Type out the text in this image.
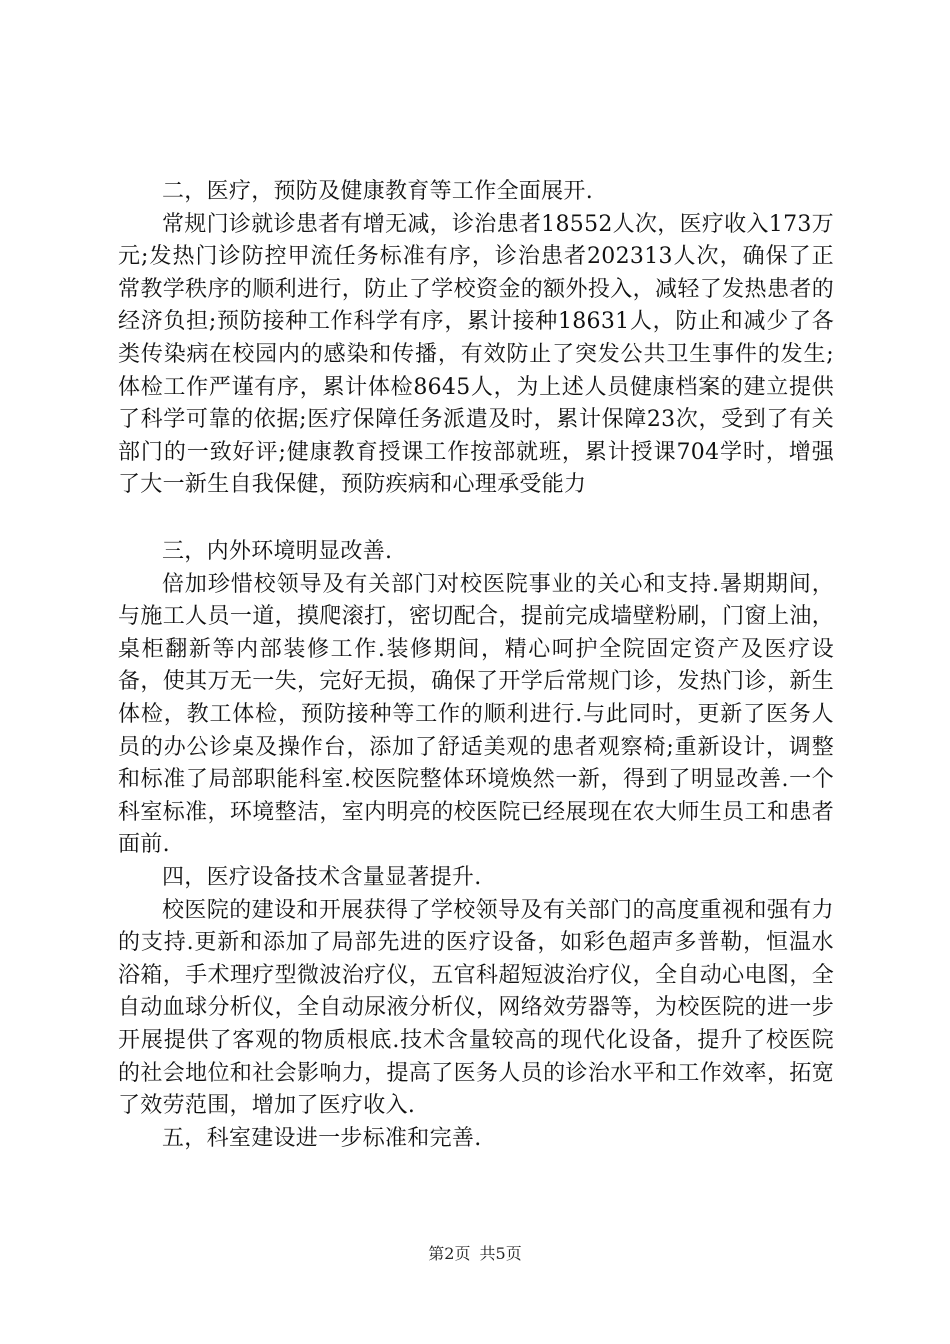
二，医疗，预防及健康教育等工作全面展开.

常规门诊就诊患者有增无减，诊治患者18552人次，医疗收入173万元;发热门诊防控甲流任务标准有序，诊治患者202313人次，确保了正常教学秩序的顺利进行，防止了学校资金的额外投入，减轻了发热患者的经济负担;预防接种工作科学有序，累计接种18631人，防止和减少了各类传染病在校园内的感染和传播，有效防止了突发公共卫生事件的发生;体检工作严谨有序，累计体检8645人，为上述人员健康档案的建立提供了科学可靠的依据;医疗保障任务派遣及时，累计保障23次，受到了有关部门的一致好评;健康教育授课工作按部就班，累计授课704学时，增强了大一新生自我保健，预防疾病和心理承受能力

三，内外环境明显改善.

倍加珍惜校领导及有关部门对校医院事业的关心和支持.暑期期间，与施工人员一道，摸爬滚打，密切配合，提前完成墙壁粉刷，门窗上油，桌柜翻新等内部装修工作.装修期间，精心呵护全院固定资产及医疗设备，使其万无一失，完好无损，确保了开学后常规门诊，发热门诊，新生体检，教工体检，预防接种等工作的顺利进行.与此同时，更新了医务人员的办公诊桌及操作台，添加了舒适美观的患者观察椅;重新设计，调整和标准了局部职能科室.校医院整体环境焕然一新，得到了明显改善.一个科室标准，环境整洁，室内明亮的校医院已经展现在农大师生员工和患者面前.

四，医疗设备技术含量显著提升.

校医院的建设和开展获得了学校领导及有关部门的高度重视和强有力的支持.更新和添加了局部先进的医疗设备，如彩色超声多普勒，恒温水浴箱，手术理疗型微波治疗仪，五官科超短波治疗仪，全自动心电图，全自动血球分析仪，全自动尿液分析仪，网络效劳器等，为校医院的进一步开展提供了客观的物质根底.技术含量较高的现代化设备，提升了校医院的社会地位和社会影响力，提高了医务人员的诊治水平和工作效率，拓宽了效劳范围，增加了医疗收入.

五，科室建设进一步标准和完善.

第2页 共5页
